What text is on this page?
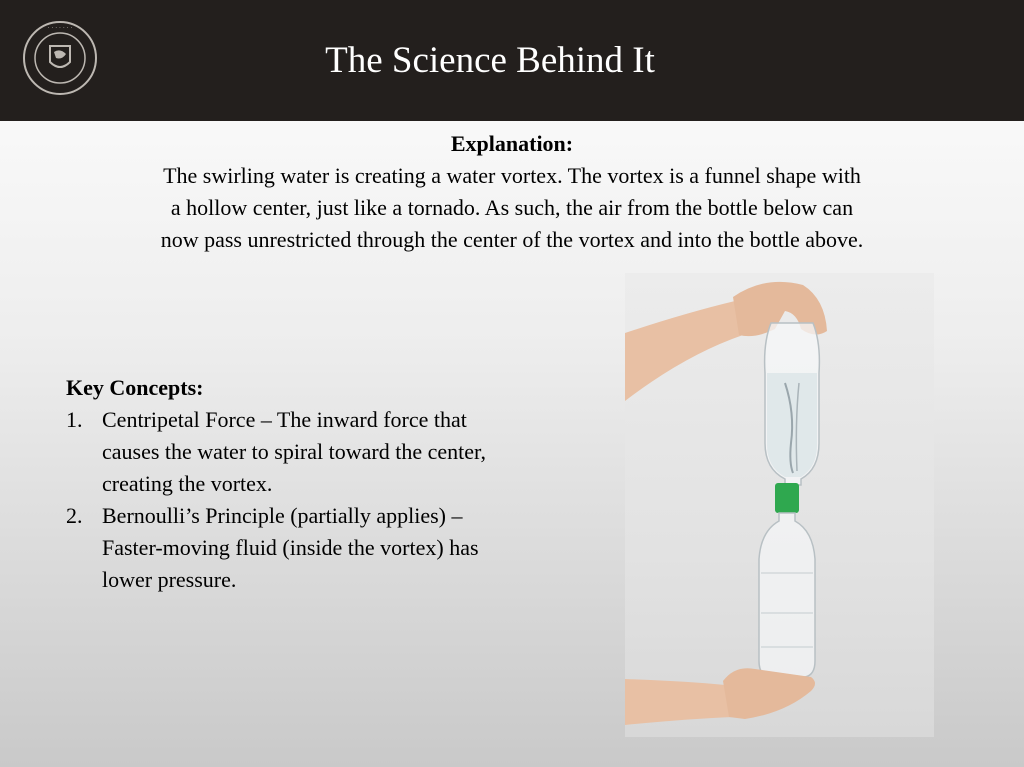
· · · · · · ·
The Science Behind It
Explanation:
The swirling water is creating a water vortex. The vortex is a funnel shape with
a hollow center, just like a tornado. As such, the air from the bottle below can
now pass unrestricted through the center of the vortex and into the bottle above.
Key Concepts:
1. Centripetal Force – The inward force that
causes the water to spiral toward the center,
creating the vortex.
2. Bernoulli’s Principle (partially applies) –
Faster-moving fluid (inside the vortex) has
lower pressure.
